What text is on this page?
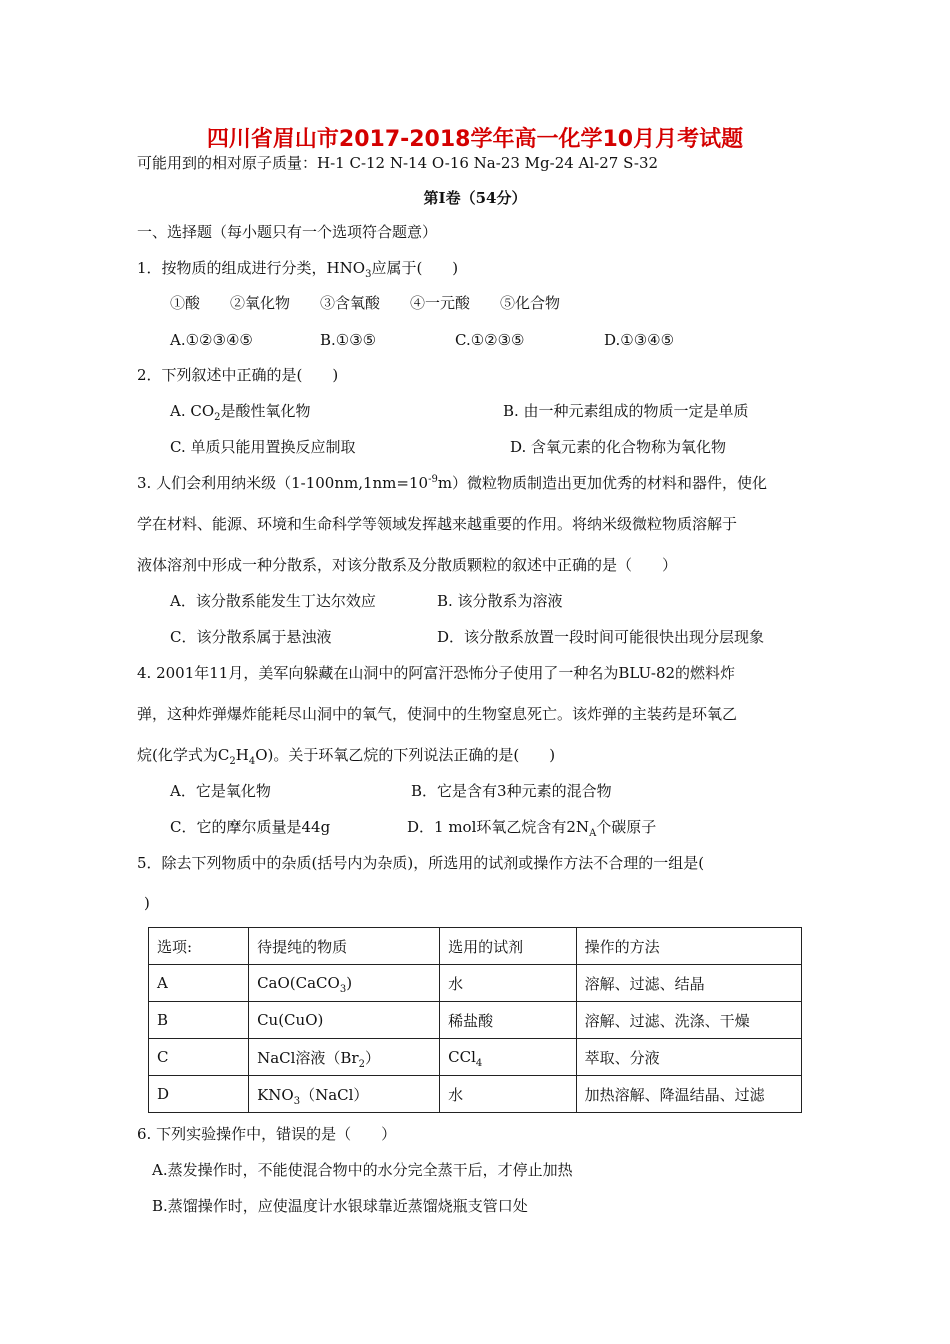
四川省眉山市2017-2018学年高一化学10月月考试题
可能用到的相对原子质量：H-1 C-12 N-14 O-16 Na-23 Mg-24 Al-27 S-32
第Ⅰ卷（54分）
一、选择题（每小题只有一个选项符合题意）
1．按物质的组成进行分类，$HNO_3$应属于(　　)
①酸　　②氧化物　　③含氧酸　　④一元酸　　⑤化合物
A.①②③④⑤	B.①③⑤	C.①②③⑤	D.①③④⑤
2．下列叙述中正确的是(　　)
A. $CO_2$是酸性氧化物	B. 由一种元素组成的物质一定是单质
C. 单质只能用置换反应制取	D. 含氧元素的化合物称为氧化物
3. 人们会利用纳米级$(1-100nm,1nm=10^{-9}m)$微粒物质制造出更加优秀的材料和器件，使化
学在材料、能源、环境和生命科学等领域发挥越来越重要的作用。将纳米级微粒物质溶解于
液体溶剂中形成一种分散系，对该分散系及分散质颗粒的叙述中正确的是（　　）
A．该分散系能发生丁达尔效应	B. 该分散系为溶液
C．该分散系属于悬浊液	D．该分散系放置一段时间可能很快出现分层现象
4. 2001年11月，美军向躲藏在山洞中的阿富汗恐怖分子使用了一种名为BLU-82的燃料炸
弹，这种炸弹爆炸能耗尽山洞中的氧气，使洞中的生物窒息死亡。该炸弹的主装药是环氧乙
烷(化学式为$C_2H_4O$)。关于环氧乙烷的下列说法正确的是(　　)
A．它是氧化物	B．它是含有3种元素的混合物
C．它的摩尔质量是44g	D．1 mol环氧乙烷含有$2N_A$个碳原子
5．除去下列物质中的杂质(括号内为杂质)，所选用的试剂或操作方法不合理的一组是(
)
选项:	待提纯的物质	选用的试剂	操作的方法
A	CaO(CaCO$_3$)	水	溶解、过滤、结晶
B	Cu(CuO)	稀盐酸	溶解、过滤、洗涤、干燥
C	NaCl溶液$(Br_2)$	CCl$_4$	萃取、分液
D	$KNO_3(NaCl)$	水	加热溶解、降温结晶、过滤
6. 下列实验操作中，错误的是（　　）
A.蒸发操作时，不能使混合物中的水分完全蒸干后，才停止加热
B.蒸馏操作时，应使温度计水银球靠近蒸馏烧瓶支管口处
